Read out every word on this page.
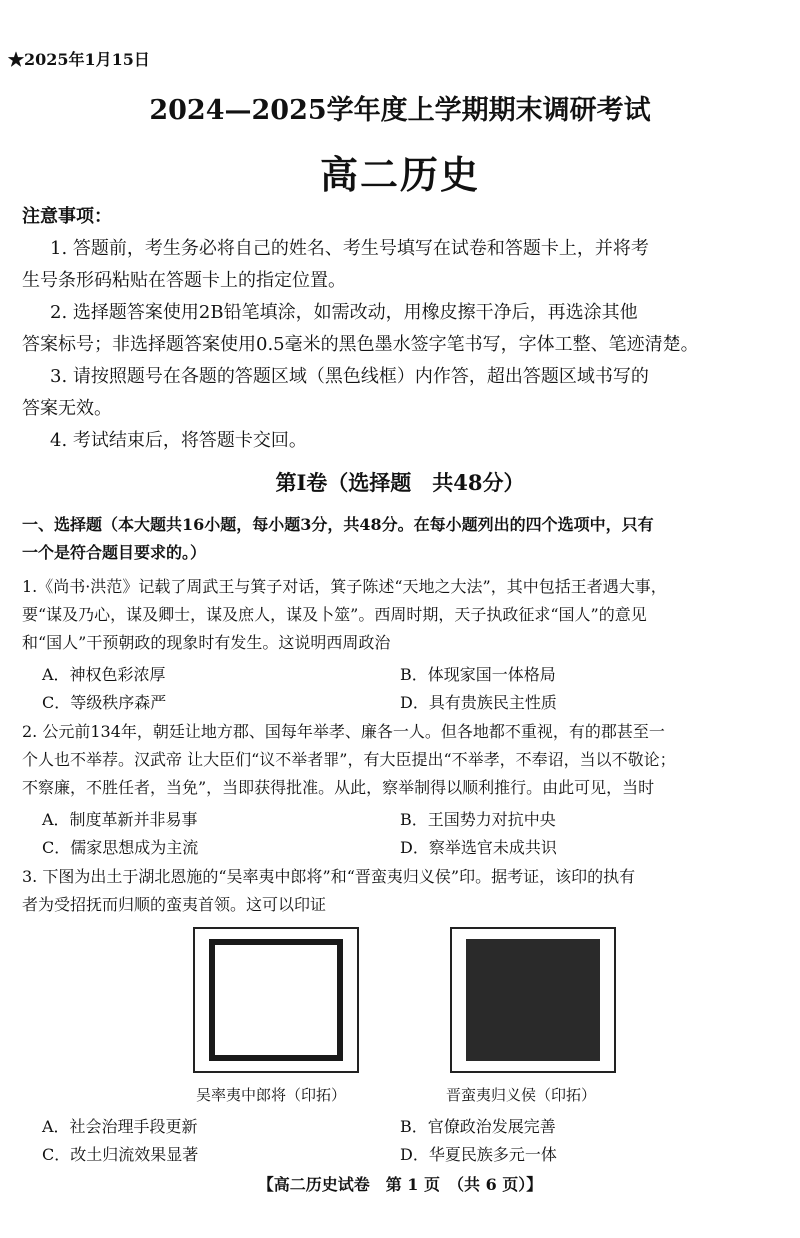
★2025年1月15日
2024—2025学年度上学期期末调研考试
高二历史
注意事项：
1. 答题前，考生务必将自己的姓名、考生号填写在试卷和答题卡上，并将考
生号条形码粘贴在答题卡上的指定位置。
2. 选择题答案使用2B铅笔填涂，如需改动，用橡皮擦干净后，再选涂其他
答案标号；非选择题答案使用0.5毫米的黑色墨水签字笔书写，字体工整、笔迹清楚。
3. 请按照题号在各题的答题区域（黑色线框）内作答，超出答题区域书写的
答案无效。
4. 考试结束后，将答题卡交回。
第Ⅰ卷（选择题　共48分）
一、选择题（本大题共16小题，每小题3分，共48分。在每小题列出的四个选项中，只有
一个是符合题目要求的。）
1.《尚书·洪范》记载了周武王与箕子对话，箕子陈述“天地之大法”，其中包括王者遇大事，
要“谋及乃心，谋及卿士，谋及庶人，谋及卜筮”。西周时期，天子执政征求“国人”的意见
和“国人”干预朝政的现象时有发生。这说明西周政治
A．神权色彩浓厚	B．体现家国一体格局
C．等级秩序森严	D．具有贵族民主性质
2. 公元前134年，朝廷让地方郡、国每年举孝、廉各一人。但各地都不重视，有的郡甚至一
个人也不举荐。汉武帝 让大臣们“议不举者罪”，有大臣提出“不举孝，不奉诏，当以不敬论；
不察廉，不胜任者，当免”，当即获得批准。从此，察举制得以顺利推行。由此可见，当时
A．制度革新并非易事	B．王国势力对抗中央
C．儒家思想成为主流	D．察举选官未成共识
3. 下图为出土于湖北恩施的“吴率夷中郎将”和“晋蛮夷归义侯”印。据考证，该印的执有
者为受招抚而归顺的蛮夷首领。这可以印证
吴率夷中郎将（印拓）	晋蛮夷归义侯（印拓）
A．社会治理手段更新	B．官僚政治发展完善
C．改土归流效果显著	D．华夏民族多元一体
【高二历史试卷　第 1 页　（共 6 页）】
